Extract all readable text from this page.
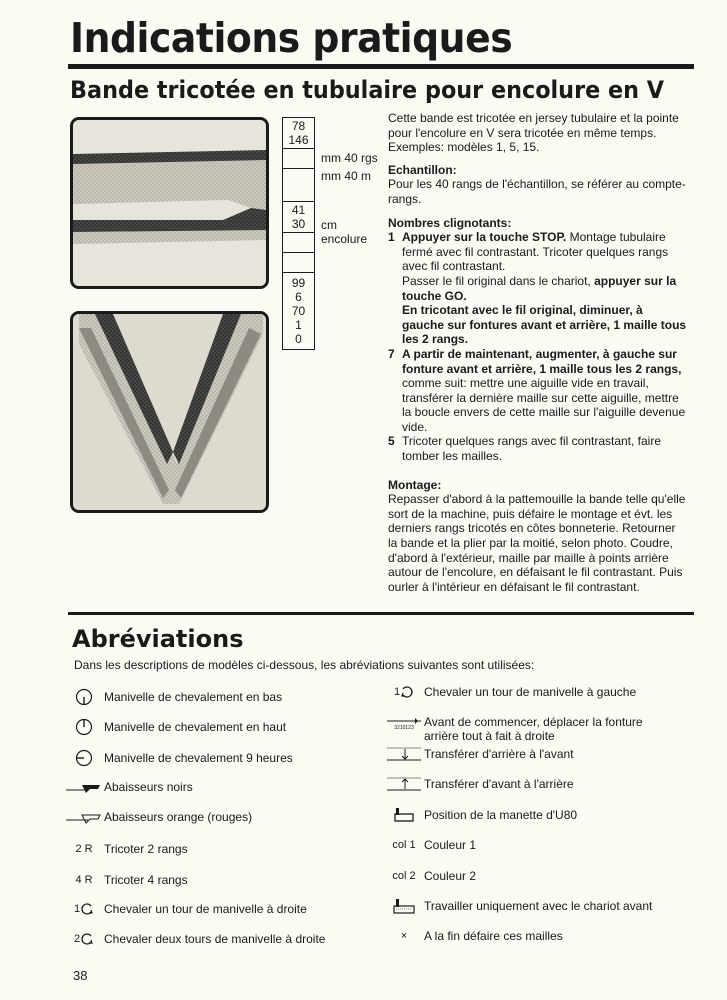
Indications pratiques
Bande tricotée en tubulaire pour encolure en V
78
146
41
30
99
6
70
1
0
mm 40 rgs
mm 40 m
cm
encolure
Cette bande est tricotée en jersey tubulaire et la pointe pour l'encolure en V sera tricotée en même temps. Exemples: modèles 1, 5, 15.
Echantillon:
Pour les 40 rangs de l'échantillon, se référer au compte-rangs.
Nombres clignotants:
1 Appuyer sur la touche STOP. Montage tubulaire fermé avec fil contrastant. Tricoter quelques rangs avec fil contrastant.
Passer le fil original dans le chariot, appuyer sur la touche GO.
En tricotant avec le fil original, diminuer, à gauche sur fontures avant et arrière, 1 maille tous les 2 rangs.
7 A partir de maintenant, augmenter, à gauche sur fonture avant et arrière, 1 maille tous les 2 rangs, comme suit: mettre une aiguille vide en travail, transférer la dernière maille sur cette aiguille, mettre la boucle envers de cette maille sur l'aiguille devenue vide.
5 Tricoter quelques rangs avec fil contrastant, faire tomber les mailles.
Montage:
Repasser d'abord à la pattemouille la bande telle qu'elle sort de la machine, puis défaire le montage et évt. les derniers rangs tricotés en côtes bonneterie. Retourner la bande et la plier par la moitié, selon photo. Coudre, d'abord à l'extérieur, maille par maille à points arrière autour de l'encolure, en défaisant le fil contrastant. Puis ourler à l'intérieur en défaisant le fil contrastant.
Abréviations
Dans les descriptions de modèles ci-dessous, les abréviations suivantes sont utilisées:
Manivelle de chevalement en bas
Manivelle de chevalement en haut
Manivelle de chevalement 9 heures
Abaisseurs noirs
Abaisseurs orange (rouges)
2 R Tricoter 2 rangs
4 R Tricoter 4 rangs
1 Chevaler un tour de manivelle à droite
2 Chevaler deux tours de manivelle à droite
1 Chevaler un tour de manivelle à gauche
3210123 Avant de commencer, déplacer la fonture arrière tout à fait à droite
Transférer d'arrière à l'avant
Transférer d'avant à l'arrière
Position de la manette d'U80
col 1 Couleur 1
col 2 Couleur 2
Travailler uniquement avec le chariot avant
×	A la fin défaire ces mailles
38
